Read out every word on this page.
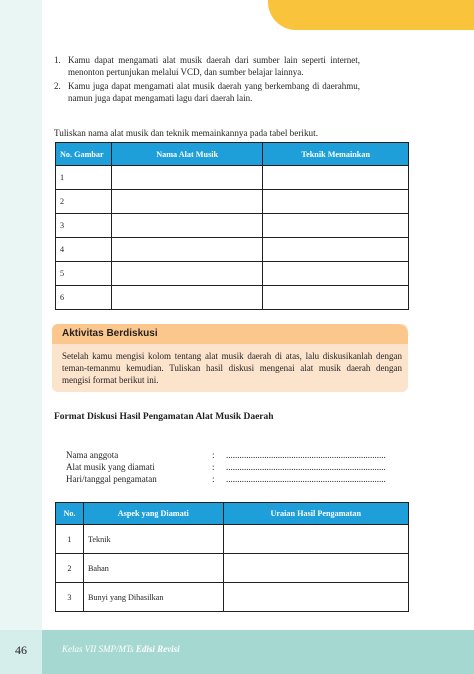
1. Kamu dapat mengamati alat musik daerah dari sumber lain seperti internet, menonton pertunjukan melalui VCD, dan sumber belajar lainnya.
2. Kamu juga dapat mengamati alat musik daerah yang berkembang di daerahmu, namun juga dapat mengamati lagu dari daerah lain.
Tuliskan nama alat musik dan teknik memainkannya pada tabel berikut.
No. Gambar	Nama Alat Musik	Teknik Memainkan
1		
2		
3		
4		
5		
6		
Aktivitas Berdiskusi
Setelah kamu mengisi kolom tentang alat musik daerah di atas, lalu diskusikanlah dengan teman-temanmu kemudian. Tuliskan hasil diskusi mengenai alat musik daerah dengan mengisi format berikut ini.
Format Diskusi Hasil Pengamatan Alat Musik Daerah
Nama anggota	: .......................................................................
Alat musik yang diamati	: .......................................................................
Hari/tanggal pengamatan	: .......................................................................
No.	Aspek yang Diamati	Uraian Hasil Pengamatan
1	Teknik	
2	Bahan	
3	Bunyi yang Dihasilkan	
46	Kelas VII SMP/MTs Edisi Revisi
